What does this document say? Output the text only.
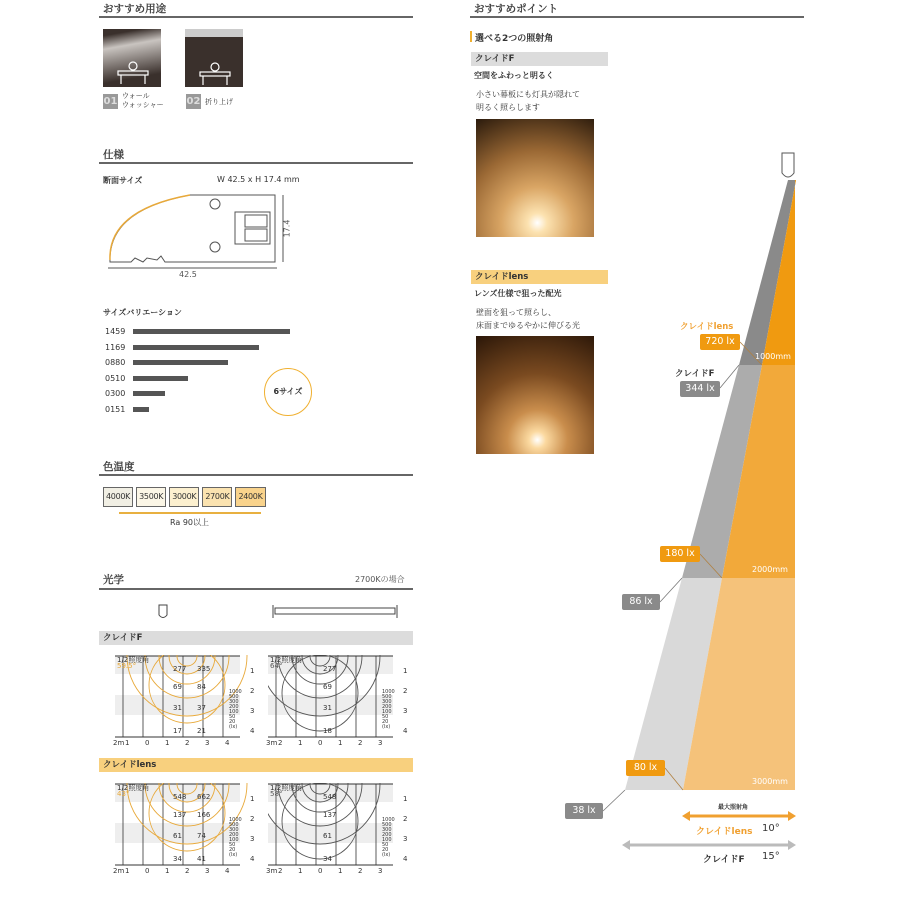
おすすめ用途
01 ウォール
ウォッシャー 02 折り上げ
仕様
断面サイズ	W 42.5 x H 17.4 mm
42.5
17.4
サイズバリエーション
1459
1169
0880
0510
0300
0151
6サイズ
色温度
4000K	3500K	3000K	2700K	2400K
Ra 90以上
光学	2700Kの場合
クレイドF
クレイドlens
1/2照度角
59.5°	277 335
69 84
31 37
17 21
2m 1 0 1 2 3 4
1
2
3
4
1000
500
300
200
100
50
20
(lx)
1/2照度角
64°	277
69
31
18
3m 2 1 0 1 2 3
1
2
3
4
1000
500
300
200
100
50
20
(lx)
1/2照度角
43°	548 662
137 166
61 74
34 41
2m 1 0 1 2 3 4
1
2
3
4
1000
500
300
200
100
50
20
(lx)
1/2照度角
58°	548
137
61
34
3m 2 1 0 1 2 3
1
2
3
4
1000
500
300
200
100
50
20
(lx)
おすすめポイント
選べる2つの照射角
クレイドF
空間をふわっと明るく
小さい幕板にも灯具が隠れて
明るく照らします
クレイドlens
レンズ仕様で狙った配光
壁面を狙って照らし、
床面までゆるやかに伸びる光	クレイドlens
720 lx
クレイドF
344 lx
180 lx
86 lx
80 lx
38 lx
1000mm
2000mm
3000mm
最大照射角
クレイドlens 10°
クレイドF 15°
